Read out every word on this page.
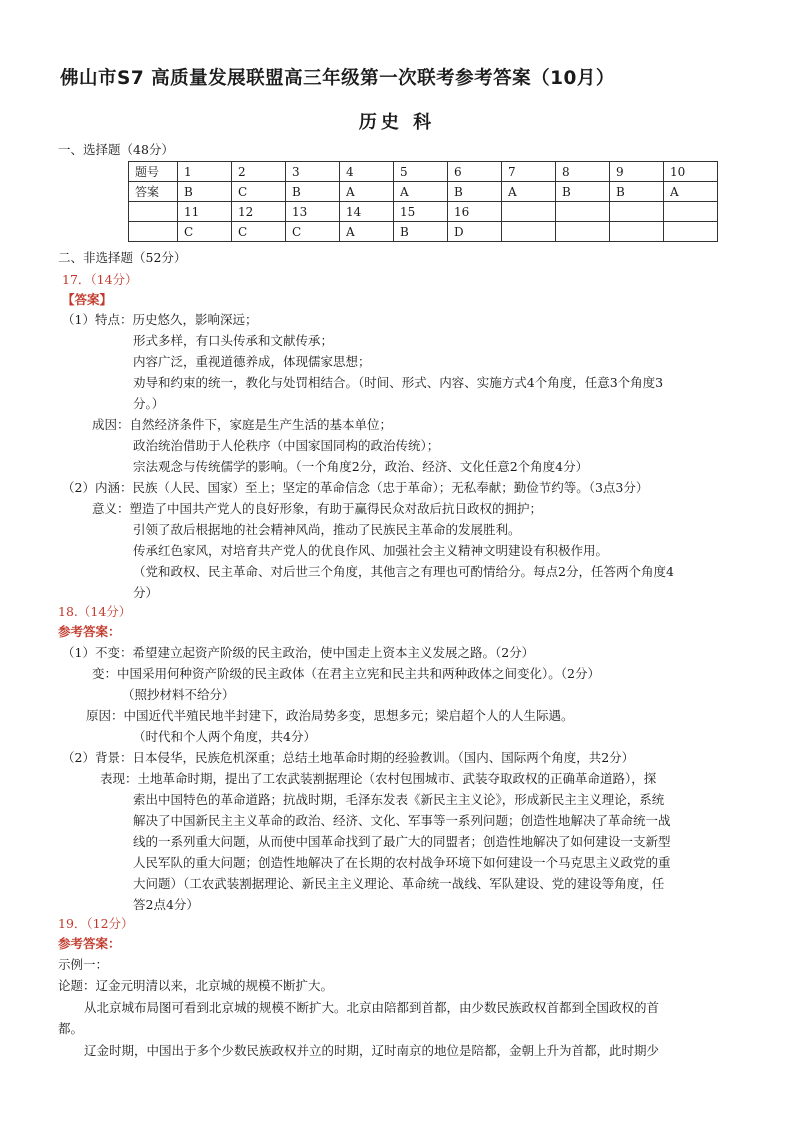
佛山市S7 高质量发展联盟高三年级第一次联考参考答案（10月）
历史 科
一、选择题（48分）
题号	1	2	3	4	5	6	7	8	9	10
答案	B	C	B	A	A	B	A	B	B	A
	11	12	13	14	15	16				
	C	C	C	A	B	D				
二、非选择题（52分）
17．（14分）
【答案】
（1）特点：历史悠久，影响深远；
形式多样，有口头传承和文献传承；
内容广泛，重视道德养成，体现儒家思想；
劝导和约束的统一，教化与处罚相结合。（时间、形式、内容、实施方式4个角度，任意3个角度3
分。）
成因：自然经济条件下，家庭是生产生活的基本单位；
政治统治借助于人伦秩序（中国家国同构的政治传统）；
宗法观念与传统儒学的影响。（一个角度2分，政治、经济、文化任意2个角度4分）
（2）内涵：民族（人民、国家）至上；坚定的革命信念（忠于革命）；无私奉献；勤俭节约等。（3点3分）
意义：塑造了中国共产党人的良好形象，有助于赢得民众对敌后抗日政权的拥护；
引领了敌后根据地的社会精神风尚，推动了民族民主革命的发展胜利。
传承红色家风，对培育共产党人的优良作风、加强社会主义精神文明建设有积极作用。
（党和政权、民主革命、对后世三个角度，其他言之有理也可酌情给分。每点2分，任答两个角度4
分）
18.（14分）
参考答案：
（1）不变：希望建立起资产阶级的民主政治，使中国走上资本主义发展之路。（2分）
变：中国采用何种资产阶级的民主政体（在君主立宪和民主共和两种政体之间变化）。（2分）
（照抄材料不给分）
原因：中国近代半殖民地半封建下，政治局势多变，思想多元；梁启超个人的人生际遇。
（时代和个人两个角度，共4分）
（2）背景：日本侵华，民族危机深重；总结土地革命时期的经验教训。（国内、国际两个角度，共2分）
表现：土地革命时期，提出了工农武装割据理论（农村包围城市、武装夺取政权的正确革命道路），探
索出中国特色的革命道路；抗战时期，毛泽东发表《新民主主义论》，形成新民主主义理论，系统
解决了中国新民主主义革命的政治、经济、文化、军事等一系列问题；创造性地解决了革命统一战
线的一系列重大问题，从而使中国革命找到了最广大的同盟者；创造性地解决了如何建设一支新型
人民军队的重大问题；创造性地解决了在长期的农村战争环境下如何建设一个马克思主义政党的重
大问题）（工农武装割据理论、新民主主义理论、革命统一战线、军队建设、党的建设等角度，任
答2点4分）
19．（12分）
参考答案：
示例一：
论题：辽金元明清以来，北京城的规模不断扩大。
从北京城布局图可看到北京城的规模不断扩大。北京由陪都到首都，由少数民族政权首都到全国政权的首
都。
辽金时期，中国出于多个少数民族政权并立的时期，辽时南京的地位是陪都，金朝上升为首都，此时期少
